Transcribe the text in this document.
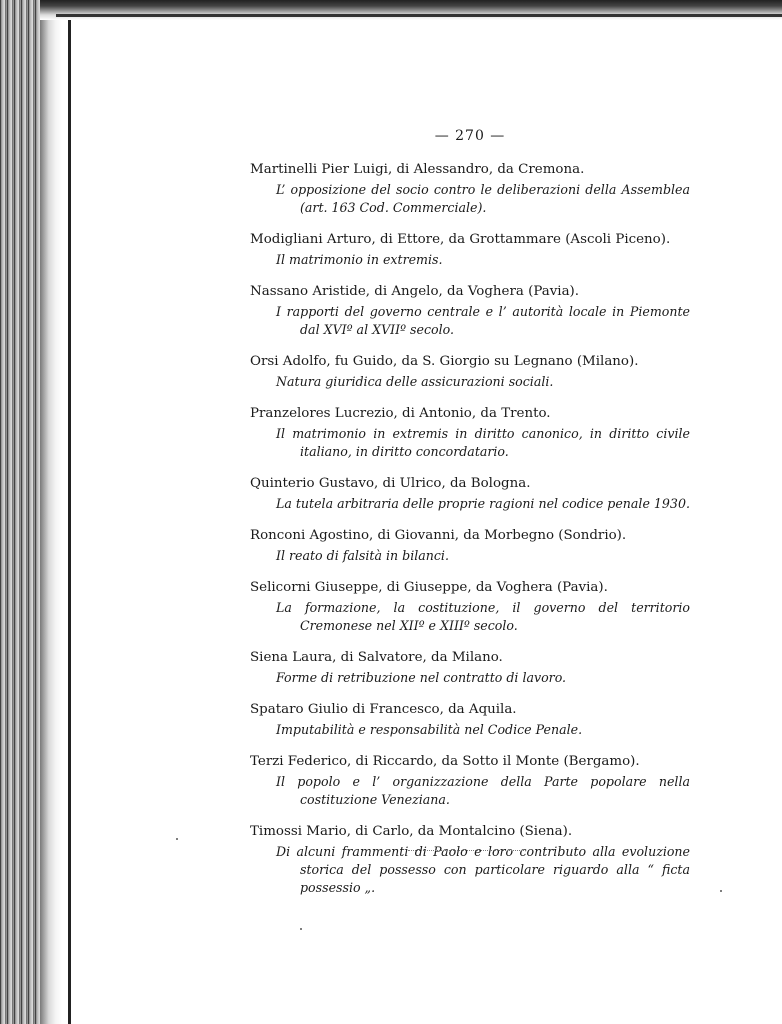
— 270 —

Martinelli Pier Luigi, di Alessandro, da Cremona.

L’ opposizione del socio contro le deliberazioni della Assemblea (art. 163 Cod. Commerciale).

Modigliani Arturo, di Ettore, da Grottammare (Ascoli Piceno).

Il matrimonio in extremis.

Nassano Aristide, di Angelo, da Voghera (Pavia).

I rapporti del governo centrale e l’ autorità locale in Piemonte dal XVIº al XVIIº secolo.

Orsi Adolfo, fu Guido, da S. Giorgio su Legnano (Milano).

Natura giuridica delle assicurazioni sociali.

Pranzelores Lucrezio, di Antonio, da Trento.

Il matrimonio in extremis in diritto canonico, in diritto civile italiano, in diritto concordatario.

Quinterio Gustavo, di Ulrico, da Bologna.

La tutela arbitraria delle proprie ragioni nel codice penale 1930.

Ronconi Agostino, di Giovanni, da Morbegno (Sondrio).

Il reato di falsità in bilanci.

Selicorni Giuseppe, di Giuseppe, da Voghera (Pavia).

La formazione, la costituzione, il governo del territorio Cremonese nel XIIº e XIIIº secolo.

Siena Laura, di Salvatore, da Milano.

Forme di retribuzione nel contratto di lavoro.

Spataro Giulio di Francesco, da Aquila.

Imputabilità e responsabilità nel Codice Penale.

Terzi Federico, di Riccardo, da Sotto il Monte (Bergamo).

Il popolo e l’ organizzazione della Parte popolare nella costituzione Veneziana.

Timossi Mario, di Carlo, da Montalcino (Siena).

Di alcuni frammenti di Paolo e loro contributo alla evoluzione storica del possesso con particolare riguardo alla “ ficta possessio „.
